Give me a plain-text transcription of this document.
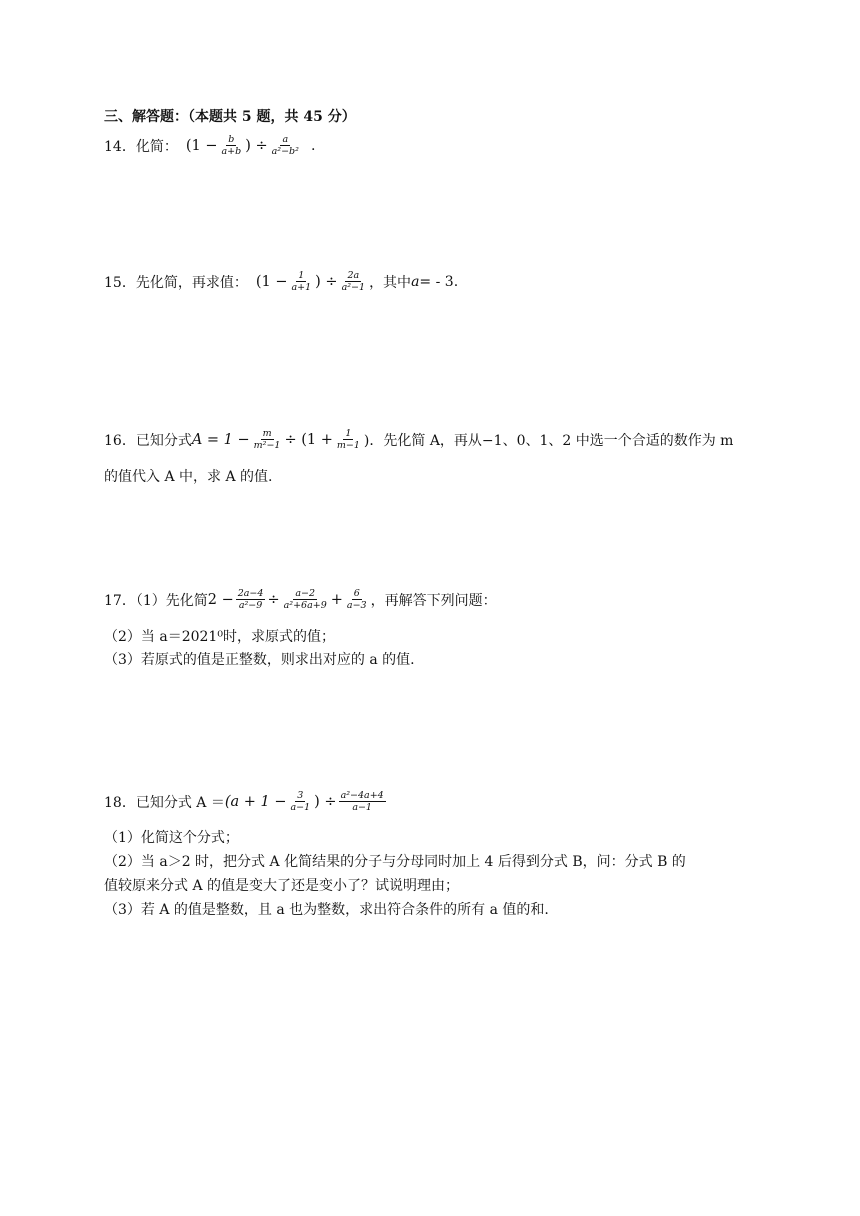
三、解答题：（本题共 5 题，共 45 分）
14．化简： ($1 - \frac{b}{a+b}$ ) ÷ $\frac{a}{\text{a²−b²}}$ .
15．先化简，再求值： ($1 - \frac{1}{a+1}$ ) ÷ $\frac{2a}{\text{a²−1}}$ ，其中 a = ‑ 3.
16．已知分式 $A = 1 - \frac{m}{\text{m²−1}} \div (1 + \frac{1}{m-1}$ )．先化简 A，再从−1、0、1、2 中选一个合适的数作为 m
的值代入 A 中，求 A 的值.
17．（1）先化简 $2 - \frac{2a-4}{\text{a²−9}} \div \frac{a-2}{\text{a²+6a+9}} + \frac{6}{a-3}$ ，再解答下列问题：
（2）当 a＝2021⁰时，求原式的值；
（3）若原式的值是正整数，则求出对应的 a 的值.
18．已知分式 $A = (a + 1 - \frac{3}{a-1}$ ) ÷ $\frac{\text{a²−4a+4}}{a-1}$
（1）化简这个分式；
（2）当 a＞2 时，把分式 A 化简结果的分子与分母同时加上 4 后得到分式 B，问：分式 B 的
值较原来分式 A 的值是变大了还是变小了？试说明理由；
（3）若 A 的值是整数，且 a 也为整数，求出符合条件的所有 a 值的和.
